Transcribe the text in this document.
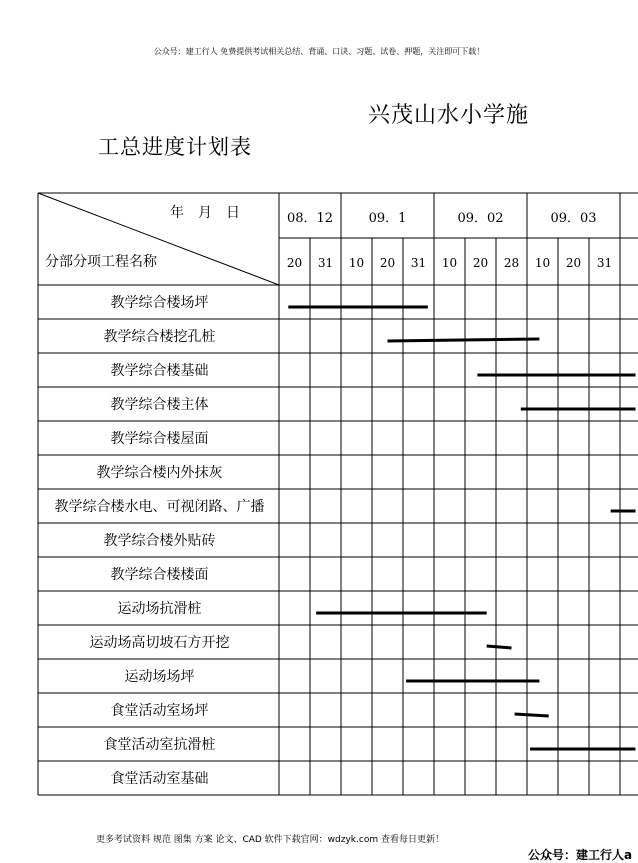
公众号：建工行人 免费提供考试相关总结、背诵、口诀、习题、试卷、押题，关注即可下载！
兴茂山水小学施
工总进度计划表
年　月　日
分部分项工程名称
08．12
20 31
09．1
10 20 31
09．02
10 20 28
09．03
10 20 31
教学综合楼场坪
教学综合楼挖孔桩
教学综合楼基础
教学综合楼主体
教学综合楼屋面
教学综合楼内外抹灰
教学综合楼水电、可视闭路、广播
教学综合楼外贴砖
教学综合楼楼面
运动场抗滑桩
运动场高切坡石方开挖
运动场场坪
食堂活动室场坪
食堂活动室抗滑桩
食堂活动室基础
更多考试资料 规范 图集 方案 论文、CAD 软件下载官网：wdzyk.com 查看每日更新！
公众号：建工行人a
